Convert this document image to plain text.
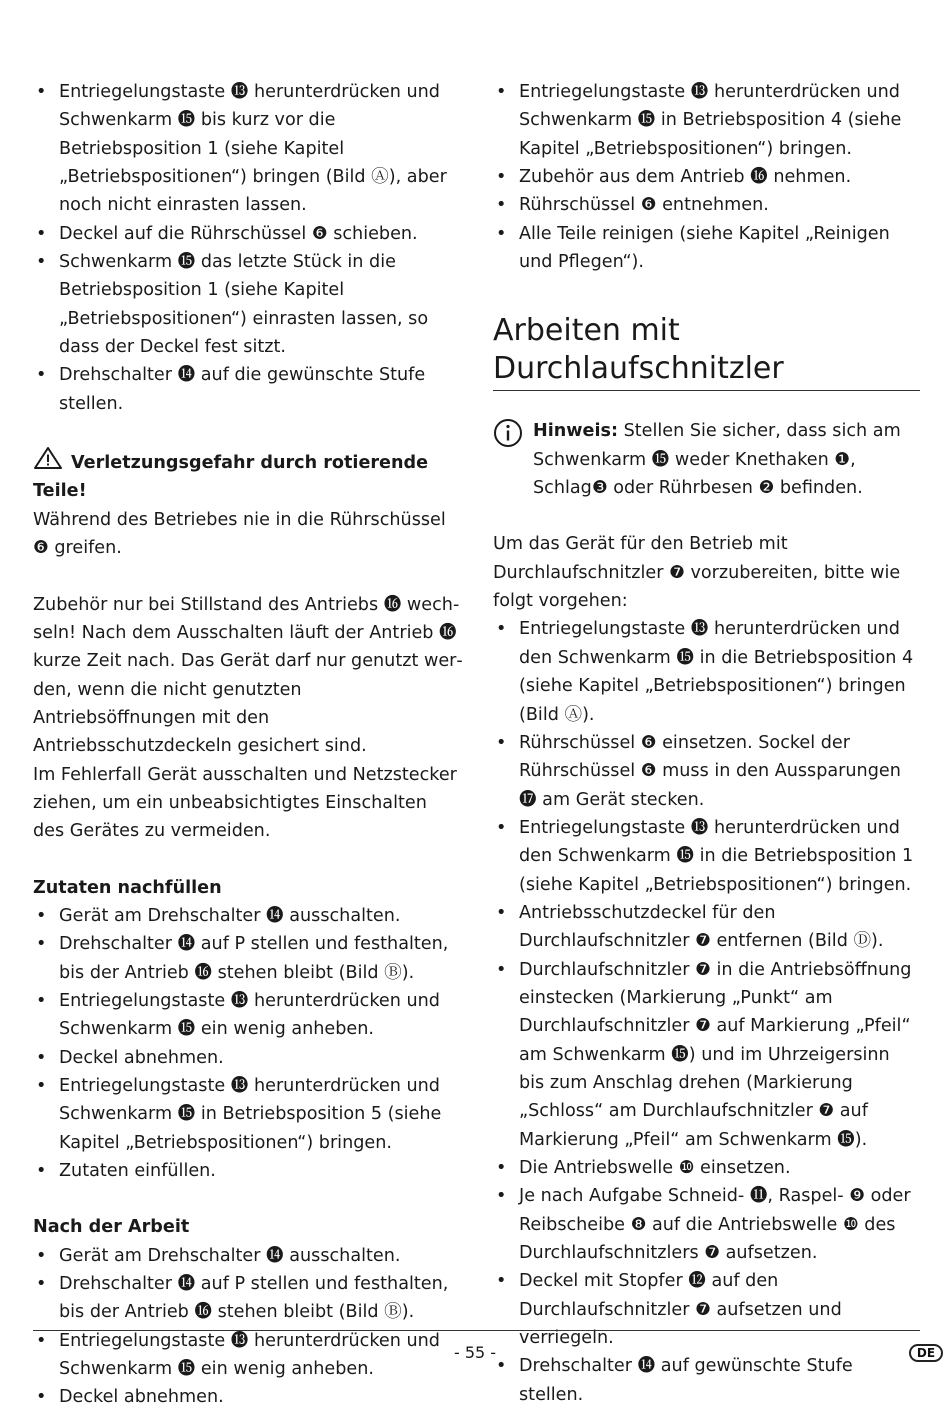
• Entriegelungstaste ⓭ herunterdrücken und Schwenkarm ⓯ bis kurz vor die Betriebsposition 1 (siehe Kapitel „Betriebspositionen“) bringen (Bild Ⓐ), aber noch nicht einrasten lassen.
• Deckel auf die Rührschüssel ❻ schieben.
• Schwenkarm ⓯ das letzte Stück in die Betriebsposition 1 (siehe Kapitel „Betriebspositionen“) einrasten lassen, so dass der Deckel fest sitzt.
• Drehschalter ⓮ auf die gewünschte Stufe stellen.

Verletzungsgefahr durch rotierende Teile!

Während des Betriebes nie in die Rührschüssel ❻ greifen.

Zubehör nur bei Stillstand des Antriebs ⓰ wechseln! Nach dem Ausschalten läuft der Antrieb ⓰ kurze Zeit nach. Das Gerät darf nur genutzt werden, wenn die nicht genutzten Antriebsöffnungen mit den Antriebsschutzdeckeln gesichert sind.

Im Fehlerfall Gerät ausschalten und Netzstecker ziehen, um ein unbeabsichtigtes Einschalten des Gerätes zu vermeiden.

Zutaten nachfüllen
• Gerät am Drehschalter ⓮ ausschalten.
• Drehschalter ⓮ auf P stellen und festhalten, bis der Antrieb ⓰ stehen bleibt (Bild Ⓑ).
• Entriegelungstaste ⓭ herunterdrücken und Schwenkarm ⓯ ein wenig anheben.
• Deckel abnehmen.
• Entriegelungstaste ⓭ herunterdrücken und Schwenkarm ⓯ in Betriebsposition 5 (siehe Kapitel „Betriebspositionen“) bringen.
• Zutaten einfüllen.
Nach der Arbeit
• Gerät am Drehschalter ⓮ ausschalten.
• Drehschalter ⓮ auf P stellen und festhalten, bis der Antrieb ⓰ stehen bleibt (Bild Ⓑ).
• Entriegelungstaste ⓭ herunterdrücken und Schwenkarm ⓯ ein wenig anheben.
• Deckel abnehmen.
• Entriegelungstaste ⓭ herunterdrücken und Schwenkarm ⓯ in Betriebsposition 4 (siehe Kapitel „Betriebspositionen“) bringen.
• Zubehör aus dem Antrieb ⓰ nehmen.
• Rührschüssel ❻ entnehmen.
• Alle Teile reinigen (siehe Kapitel „Reinigen und Pflegen“).
Arbeiten mit Durchlaufschnitzler

Hinweis: Stellen Sie sicher, dass sich am Schwenkarm ⓯ weder Knethaken ❶, Schlag❸ oder Rührbesen ❷ befinden.

Um das Gerät für den Betrieb mit Durchlaufschnitzler ❼ vorzubereiten, bitte wie folgt vorgehen:

• Entriegelungstaste ⓭ herunterdrücken und den Schwenkarm ⓯ in die Betriebsposition 4 (siehe Kapitel „Betriebspositionen“) bringen (Bild Ⓐ).
• Rührschüssel ❻ einsetzen. Sockel der Rührschüssel ❻ muss in den Aussparungen ⓱ am Gerät stecken.
• Entriegelungstaste ⓭ herunterdrücken und den Schwenkarm ⓯ in die Betriebsposition 1 (siehe Kapitel „Betriebspositionen“) bringen.
• Antriebsschutzdeckel für den Durchlaufschnitzler ❼ entfernen (Bild Ⓓ).
• Durchlaufschnitzler ❼ in die Antriebsöffnung einstecken (Markierung „Punkt“ am Durchlaufschnitzler ❼ auf Markierung „Pfeil“ am Schwenkarm ⓯) und im Uhrzeigersinn bis zum Anschlag drehen (Markierung „Schloss“ am Durchlaufschnitzler ❼ auf Markierung „Pfeil“ am Schwenkarm ⓯).
• Die Antriebswelle ❿ einsetzen.
• Je nach Aufgabe Schneid- ⓫, Raspel- ❾ oder Reibscheibe ❽ auf die Antriebswelle ❿ des Durchlaufschnitzlers ❼ aufsetzen.
• Deckel mit Stopfer ⓬ auf den Durchlaufschnitzler ❼ aufsetzen und verriegeln.
• Drehschalter ⓮ auf gewünschte Stufe stellen.
- 55 -	DE
